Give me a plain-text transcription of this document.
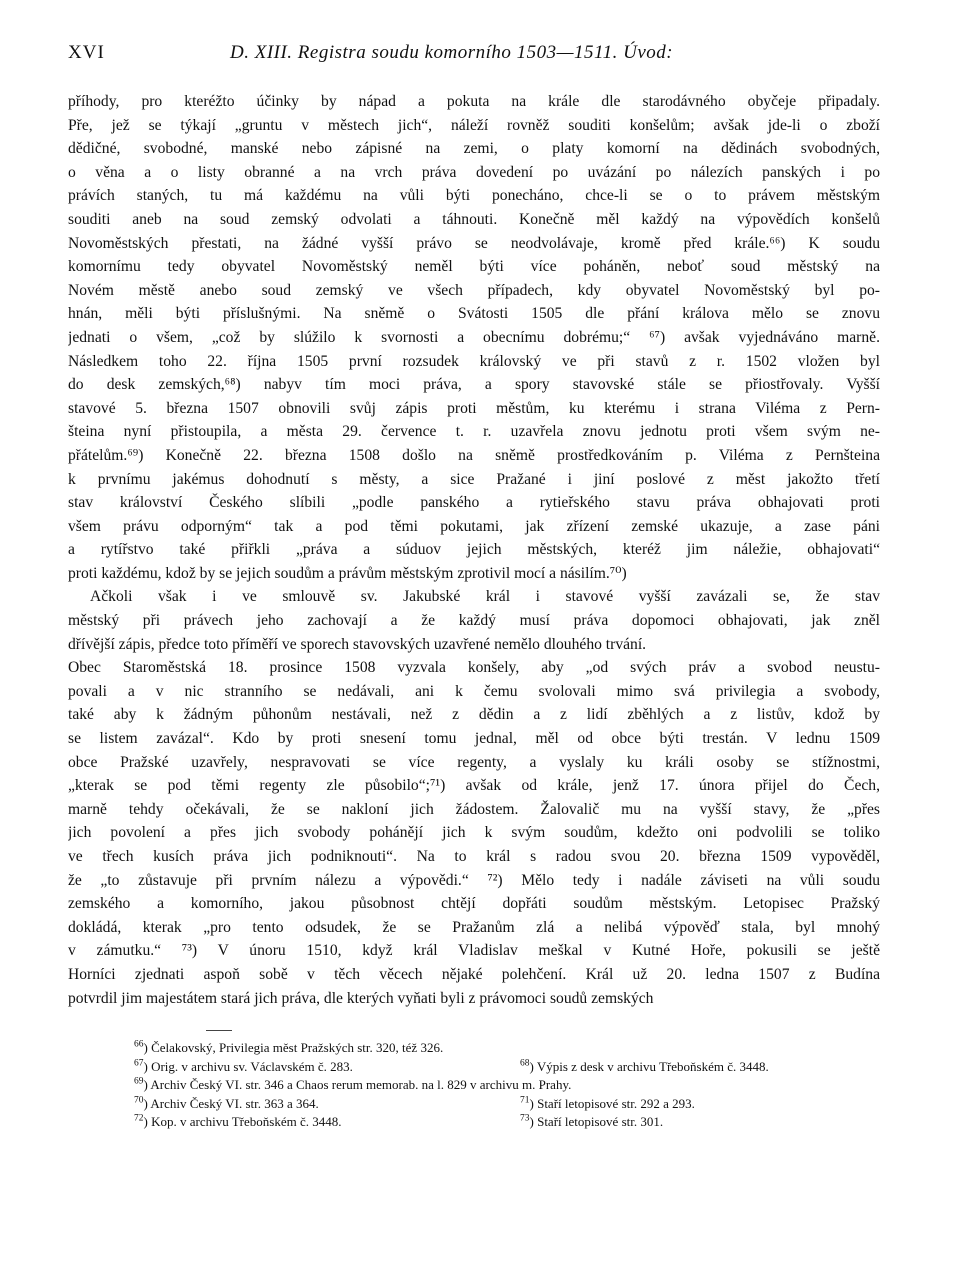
XVI	D. XIII. Registra soudu komorního 1503—1511. Úvod:
příhody, pro kteréžto účinky by nápad a pokuta na krále dle starodávného obyčeje připadaly.
Pře, jež se týkají „gruntu v městech jich“, náleží rovněž souditi konšelům; avšak jde-li o zboží
dědičné, svobodné, manské nebo zápisné na zemi, o platy komorní na dědinách svobodných,
o věna a o listy obranné a na vrch práva dovedení po uvázání po nálezích panských i po
právích staných, tu má každému na vůli býti ponecháno, chce-li se o to právem městským
souditi aneb na soud zemský odvolati a táhnouti. Konečně měl každý na výpovědích konšelů
Novoměstských přestati, na žádné vyšší právo se neodvolávaje, kromě před krále.⁶⁶) K soudu
komornímu tedy obyvatel Novoměstský neměl býti více poháněn, neboť soud městský na
Novém městě anebo soud zemský ve všech případech, kdy obyvatel Novoměstský byl po-
hnán, měli býti příslušnými. Na sněmě o Svátosti 1505 dle přání králova mělo se znovu
jednati o všem, „což by slúžilo k svornosti a obecnímu dobrému;“ ⁶⁷) avšak vyjednáváno marně.
Následkem toho 22. října 1505 první rozsudek královský ve při stavů z r. 1502 vložen byl
do desk zemských,⁶⁸) nabyv tím moci práva, a spory stavovské stále se přiostřovaly. Vyšší
stavové 5. března 1507 obnovili svůj zápis proti městům, ku kterému i strana Viléma z Pern-
šteina nyní přistoupila, a města 29. července t. r. uzavřela znovu jednotu proti všem svým ne-
přátelům.⁶⁹) Konečně 22. března 1508 došlo na sněmě prostředkováním p. Viléma z Pernšteina
k prvnímu jakémus dohodnutí s městy, a sice Pražané i jiní poslové z měst jakožto třetí
stav království Českého slíbili „podle panského a rytieřského stavu práva obhajovati proti
všem právu odporným“ tak a pod těmi pokutami, jak zřízení zemské ukazuje, a zase páni
a rytířstvo také přiřkli „práva a súduov jejich městských, kteréž jim náležie, obhajovati“
proti každému, kdož by se jejich soudům a právům městským zprotivil mocí a násilím.⁷⁰)
Ačkoli však i ve smlouvě sv. Jakubské král i stavové vyšší zavázali se, že stav
městský při právech jeho zachovají a že každý musí práva dopomoci obhajovati, jak zněl
dřívější zápis, předce toto příměří ve sporech stavovských uzavřené nemělo dlouhého trvání.
Obec Staroměstská 18. prosince 1508 vyzvala konšely, aby „od svých práv a svobod neustu-
povali a v nic stranního se nedávali, ani k čemu svolovali mimo svá privilegia a svobody,
také aby k žádným půhonům nestávali, než z dědin a z lidí zběhlých a z listův, kdož by
se listem zavázal“. Kdo by proti snesení tomu jednal, měl od obce býti trestán. V lednu 1509
obce Pražské uzavřely, nespravovati se více regenty, a vyslaly ku králi osoby se stížnostmi,
„kterak se pod těmi regenty zle působilo“;⁷¹) avšak od krále, jenž 17. února přijel do Čech,
marně tehdy očekávali, že se nakloní jich žádostem. Žalovalič mu na vyšší stavy, že „přes
jich povolení a přes jich svobody pohánějí jich k svým soudům, kdežto oni podvolili se toliko
ve třech kusích práva jich podniknouti“. Na to král s radou svou 20. března 1509 vypověděl,
že „to zůstavuje při prvním nálezu a výpovědi.“ ⁷²) Mělo tedy i nadále záviseti na vůli soudu
zemského a komorního, jakou působnost chtějí dopřáti soudům městským. Letopisec Pražský
dokládá, kterak „pro tento odsudek, že se Pražanům zlá a nelibá výpověď stala, byl mnohý
v zámutku.“ ⁷³) V únoru 1510, když král Vladislav meškal v Kutné Hoře, pokusili se ještě
Horníci zjednati aspoň sobě v těch věcech nějaké polehčení. Král už 20. ledna 1507 z Budína
potvrdil jim majestátem stará jich práva, dle kterých vyňati byli z právomoci soudů zemských
$^{66}$) Čelakovský, Privilegia měst Pražských str. 320, též 326.
$^{67}$) Orig. v archivu sv. Václavském č. 283.	$^{68}$) Výpis z desk v archivu Třeboňském č. 3448.
$^{69}$) Archiv Český VI. str. 346 a Chaos rerum memorab. na l. 829 v archivu m. Prahy.
$^{70}$) Archiv Český VI. str. 363 a 364.	$^{71}$) Staří letopisové str. 292 a 293.
$^{72}$) Kop. v archivu Třeboňském č. 3448.	$^{73}$) Staří letopisové str. 301.
